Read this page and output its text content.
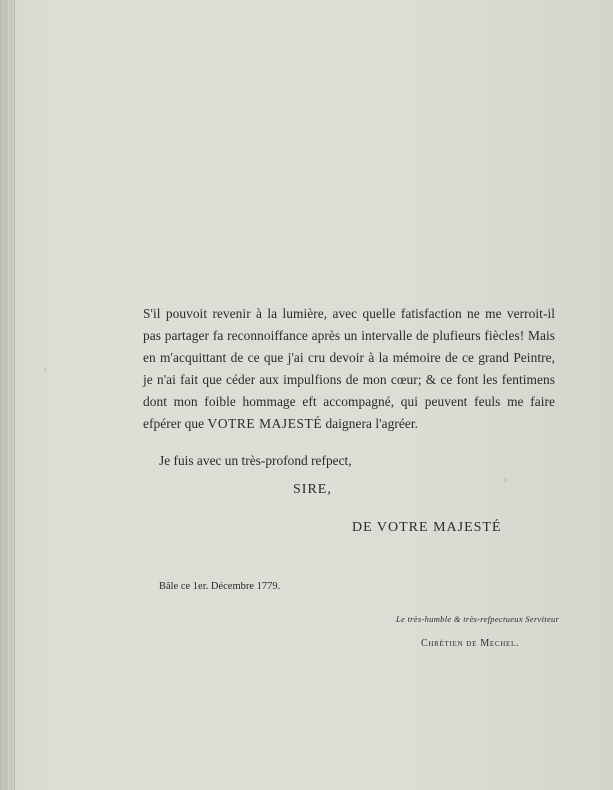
S'il pouvoit revenir à la lumière, avec quelle fatisfaction ne me verroit-il
pas partager fa reconnoiffance après un intervalle de plufieurs fiècles! Mais
en m'acquittant de ce que j'ai cru devoir à la mémoire de ce grand Peintre,
je n'ai fait que céder aux impulfions de mon cœur; & ce font les fentimens
dont mon foible hommage eft accompagné, qui peuvent feuls me faire
efpérer que VOTRE MAJESTÉ daignera l'agréer.
Je fuis avec un très-profond refpect,
SIRE,
DE VOTRE MAJESTÉ
Bâle ce 1er. Décembre 1779.
Le très-humble & très-refpectueux Serviteur
Chrétien de Mechel.
